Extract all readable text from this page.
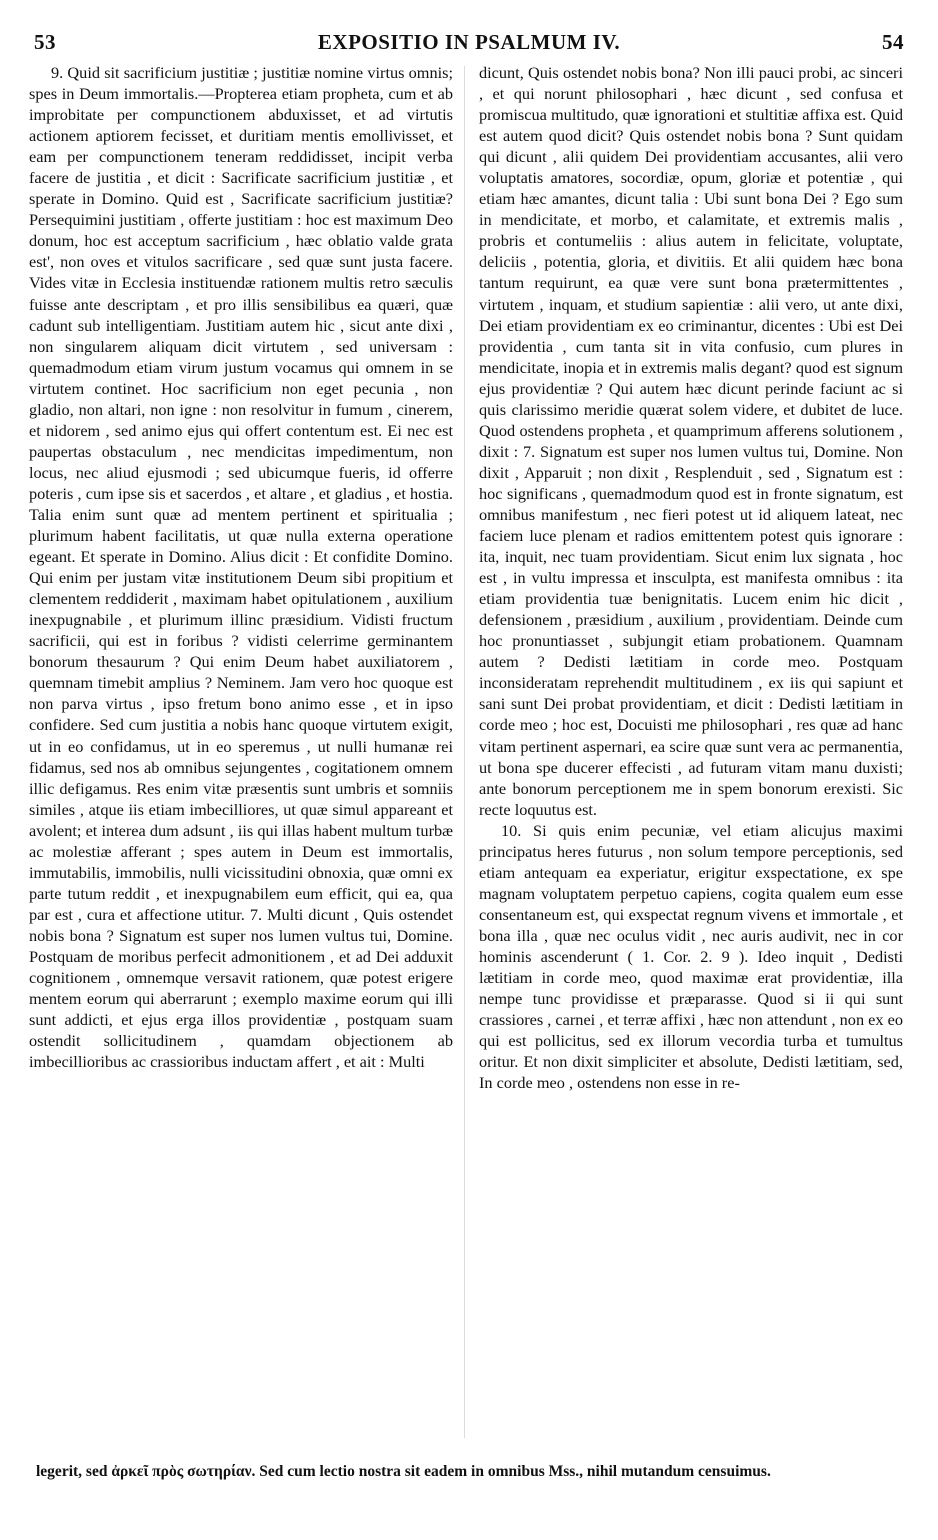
53	EXPOSITIO IN PSALMUM IV.	54

9. Quid sit sacrificium justitiæ ; justitiæ nomine virtus omnis; spes in Deum immortalis.—Propterea etiam propheta, cum et ab improbitate per compunctionem abduxisset, et ad virtutis actionem aptiorem fecisset, et duritiam mentis emollivisset, et eam per compunctionem teneram reddidisset, incipit verba facere de justitia , et dicit : Sacrificate sacrificium justitiæ , et sperate in Domino. Quid est , Sacrificate sacrificium justitiæ? Persequimini justitiam , offerte justitiam : hoc est maximum Deo donum, hoc est acceptum sacrificium , hæc oblatio valde grata est', non oves et vitulos sacrificare , sed quæ sunt justa facere. Vides vitæ in Ecclesia instituendæ rationem multis retro sæculis fuisse ante descriptam , et pro illis sensibilibus ea quæri, quæ cadunt sub intelligentiam. Justitiam autem hic , sicut ante dixi , non singularem aliquam dicit virtutem , sed universam : quemadmodum etiam virum justum vocamus qui omnem in se virtutem continet. Hoc sacrificium non eget pecunia , non gladio, non altari, non igne : non resolvitur in fumum , cinerem, et nidorem , sed animo ejus qui offert contentum est. Ei nec est paupertas obstaculum , nec mendicitas impedimentum, non locus, nec aliud ejusmodi ; sed ubicumque fueris, id offerre poteris , cum ipse sis et sacerdos , et altare , et gladius , et hostia. Talia enim sunt quæ ad mentem pertinent et spiritualia ; plurimum habent facilitatis, ut quæ nulla externa operatione egeant. Et sperate in Domino. Alius dicit : Et confidite Domino. Qui enim per justam vitæ institutionem Deum sibi propitium et clementem reddiderit , maximam habet opitulationem , auxilium inexpugnabile , et plurimum illinc præsidium. Vidisti fructum sacrificii, qui est in foribus ? vidisti celerrime germinantem bonorum thesaurum ? Qui enim Deum habet auxiliatorem , quemnam timebit amplius ? Neminem. Jam vero hoc quoque est non parva virtus , ipso fretum bono animo esse , et in ipso confidere. Sed cum justitia a nobis hanc quoque virtutem exigit, ut in eo confidamus, ut in eo speremus , ut nulli humanæ rei fidamus, sed nos ab omnibus sejungentes , cogitationem omnem illic defigamus. Res enim vitæ præsentis sunt umbris et somniis similes , atque iis etiam imbecilliores, ut quæ simul appareant et avolent; et interea dum adsunt , iis qui illas habent multum turbæ ac molestiæ afferant ; spes autem in Deum est immortalis, immutabilis, immobilis, nulli vicissitudini obnoxia, quæ omni ex parte tutum reddit , et inexpugnabilem eum efficit, qui ea, qua par est , cura et affectione utitur. 7. Multi dicunt , Quis ostendet nobis bona ? Signatum est super nos lumen vultus tui, Domine. Postquam de moribus perfecit admonitionem , et ad Dei adduxit cognitionem , omnemque versavit rationem, quæ potest erigere mentem eorum qui aberrarunt ; exemplo maxime eorum qui illi sunt addicti, et ejus erga illos providentiæ , postquam suam ostendit sollicitudinem , quamdam objectionem ab imbecillioribus ac crassioribus inductam affert , et ait : Multi

dicunt, Quis ostendet nobis bona? Non illi pauci probi, ac sinceri , et qui norunt philosophari , hæc dicunt , sed confusa et promiscua multitudo, quæ ignorationi et stultitiæ affixa est. Quid est autem quod dicit? Quis ostendet nobis bona ? Sunt quidam qui dicunt , alii quidem Dei providentiam accusantes, alii vero voluptatis amatores, socordiæ, opum, gloriæ et potentiæ , qui etiam hæc amantes, dicunt talia : Ubi sunt bona Dei ? Ego sum in mendicitate, et morbo, et calamitate, et extremis malis , probris et contumeliis : alius autem in felicitate, voluptate, deliciis , potentia, gloria, et divitiis. Et alii quidem hæc bona tantum requirunt, ea quæ vere sunt bona prætermittentes , virtutem , inquam, et studium sapientiæ : alii vero, ut ante dixi, Dei etiam providentiam ex eo criminantur, dicentes : Ubi est Dei providentia , cum tanta sit in vita confusio, cum plures in mendicitate, inopia et in extremis malis degant? quod est signum ejus providentiæ ? Qui autem hæc dicunt perinde faciunt ac si quis clarissimo meridie quærat solem videre, et dubitet de luce. Quod ostendens propheta , et quamprimum afferens solutionem , dixit : 7. Signatum est super nos lumen vultus tui, Domine. Non dixit , Apparuit ; non dixit , Resplenduit , sed , Signatum est : hoc significans , quemadmodum quod est in fronte signatum, est omnibus manifestum , nec fieri potest ut id aliquem lateat, nec faciem luce plenam et radios emittentem potest quis ignorare : ita, inquit, nec tuam providentiam. Sicut enim lux signata , hoc est , in vultu impressa et insculpta, est manifesta omnibus : ita etiam providentia tuæ benignitatis. Lucem enim hic dicit , defensionem , præsidium , auxilium , providentiam. Deinde cum hoc pronuntiasset , subjungit etiam probationem. Quamnam autem ? Dedisti lætitiam in corde meo. Postquam inconsideratam reprehendit multitudinem , ex iis qui sapiunt et sani sunt Dei probat providentiam, et dicit : Dedisti lætitiam in corde meo ; hoc est, Docuisti me philosophari , res quæ ad hanc vitam pertinent aspernari, ea scire quæ sunt vera ac permanentia, ut bona spe ducerer effecisti , ad futuram vitam manu duxisti; ante bonorum perceptionem me in spem bonorum erexisti. Sic recte loquutus est.

10. Si quis enim pecuniæ, vel etiam alicujus maximi principatus heres futurus , non solum tempore perceptionis, sed etiam antequam ea experiatur, erigitur exspectatione, ex spe magnam voluptatem perpetuo capiens, cogita qualem eum esse consentaneum est, qui exspectat regnum vivens et immortale , et bona illa , quæ nec oculus vidit , nec auris audivit, nec in cor hominis ascenderunt ( 1. Cor. 2. 9 ). Ideo inquit , Dedisti lætitiam in corde meo, quod maximæ erat providentiæ, illa nempe tunc providisse et præparasse. Quod si ii qui sunt crassiores , carnei , et terræ affixi , hæc non attendunt , non ex eo qui est pollicitus, sed ex illorum vecordia turba et tumultus oritur. Et non dixit simpliciter et absolute, Dedisti lætitiam, sed, In corde meo , ostendens non esse in re-

legerit, sed ἀρκεῖ πρὸς σωτηρίαν. Sed cum lectio nostra sit eadem in omnibus Mss., nihil mutandum censuimus.
